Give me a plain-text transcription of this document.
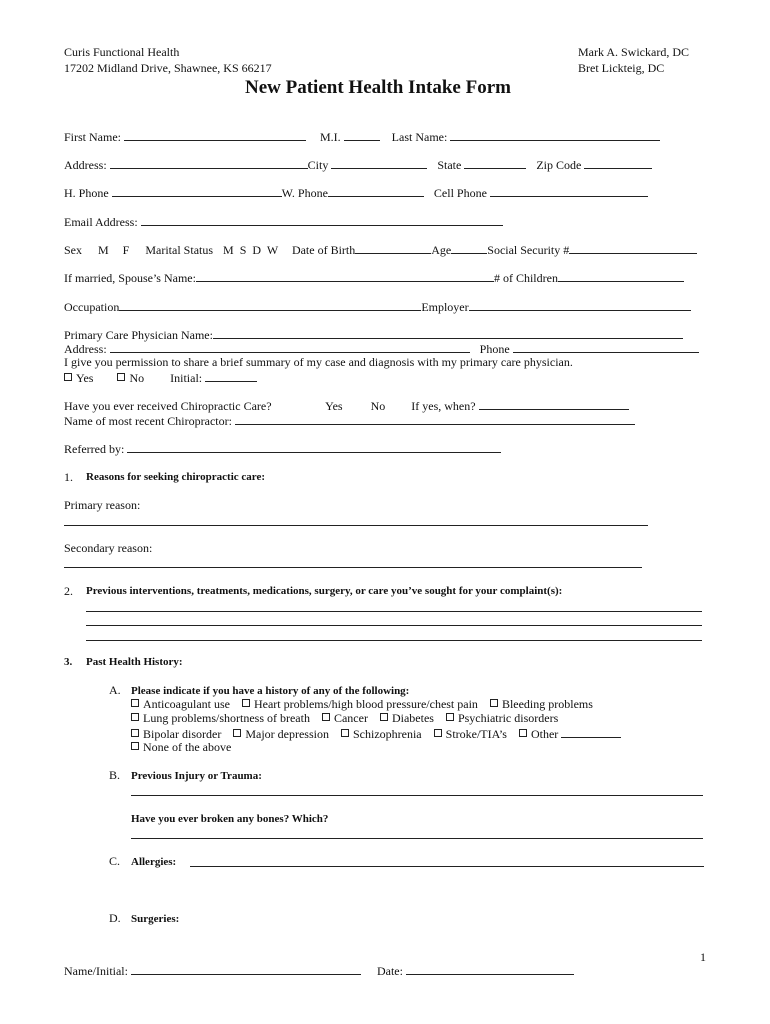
Curis Functional Health
17202 Midland Drive, Shawnee, KS 66217
Mark A. Swickard, DC
Bret Lickteig, DC
New Patient Health Intake Form
First Name:	M.I.	Last Name:
Address:	City	State	Zip Code
H. Phone	W. Phone	Cell Phone
Email Address:
Sex M F Marital Status M  S  D  W Date of Birth	Age	Social Security #
If married, Spouse’s Name:	# of Children
Occupation	Employer
Primary Care Physician Name:
Address:	Phone
I give you permission to share a brief summary of my case and diagnosis with my primary care physician.
Yes	No Initial:
Have you ever received Chiropractic Care?	Yes No If yes, when?
Name of most recent Chiropractor:
Referred by:
1. Reasons for seeking chiropractic care:
Primary reason:
Secondary reason:
2. Previous interventions, treatments, medications, surgery, or care you’ve sought for your complaint(s):
3. Past Health History:
A. Please indicate if you have a history of any of the following:
Anticoagulant use Heart problems/high blood pressure/chest pain Bleeding problems
Lung problems/shortness of breath Cancer Diabetes Psychiatric disorders
Bipolar disorder Major depression Schizophrenia Stroke/TIA’s Other
None of the above
B. Previous Injury or Trauma:
Have you ever broken any bones? Which?
C. Allergies:
D. Surgeries:
1
Name/Initial:	Date:
